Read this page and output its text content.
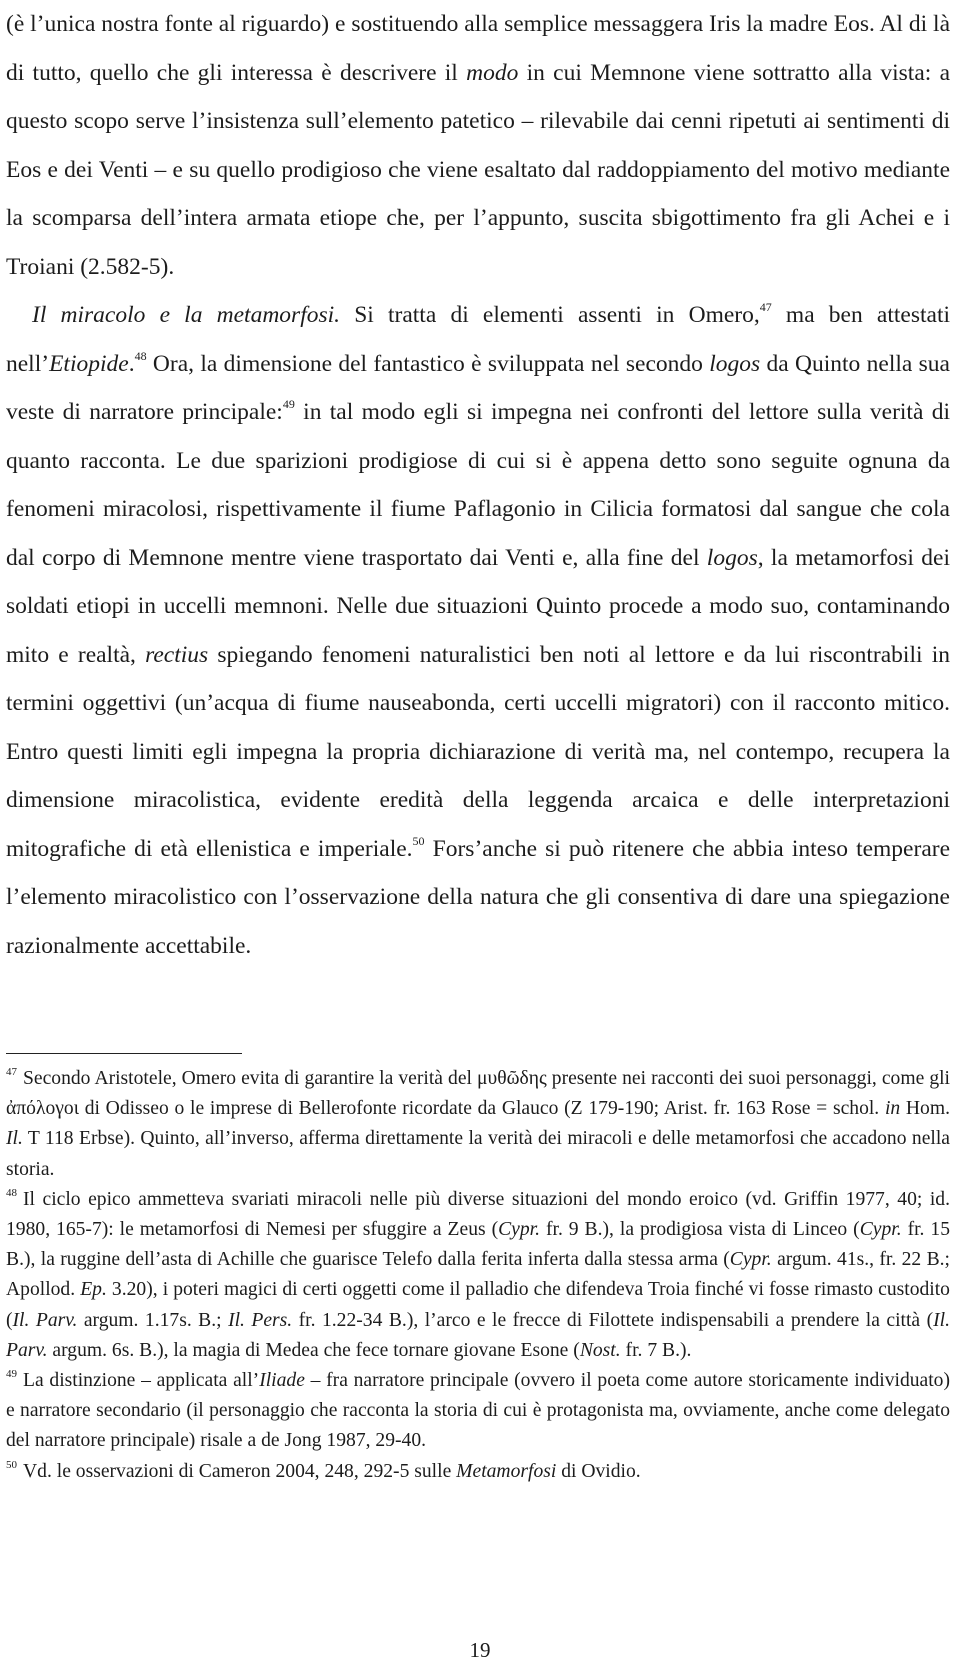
(è l’unica nostra fonte al riguardo) e sostituendo alla semplice messaggera Iris la madre Eos. Al di là di tutto, quello che gli interessa è descrivere il modo in cui Memnone viene sottratto alla vista: a questo scopo serve l’insistenza sull’elemento patetico – rilevabile dai cenni ripetuti ai sentimenti di Eos e dei Venti – e su quello prodigioso che viene esaltato dal raddoppiamento del motivo mediante la scomparsa dell’intera armata etiope che, per l’appunto, suscita sbigottimento fra gli Achei e i Troiani (2.582-5).

Il miracolo e la metamorfosi. Si tratta di elementi assenti in Omero,$^{47}$ ma ben attestati nell’Etiopide.$^{48}$ Ora, la dimensione del fantastico è sviluppata nel secondo logos da Quinto nella sua veste di narratore principale:$^{49}$ in tal modo egli si impegna nei confronti del lettore sulla verità di quanto racconta. Le due sparizioni prodigiose di cui si è appena detto sono seguite ognuna da fenomeni miracolosi, rispettivamente il fiume Paflagonio in Cilicia formatosi dal sangue che cola dal corpo di Memnone mentre viene trasportato dai Venti e, alla fine del logos, la metamorfosi dei soldati etiopi in uccelli memnoni. Nelle due situazioni Quinto procede a modo suo, contaminando mito e realtà, rectius spiegando fenomeni naturalistici ben noti al lettore e da lui riscontrabili in termini oggettivi (un’acqua di fiume nauseabonda, certi uccelli migratori) con il racconto mitico. Entro questi limiti egli impegna la propria dichiarazione di verità ma, nel contempo, recupera la dimensione miracolistica, evidente eredità della leggenda arcaica e delle interpretazioni mitografiche di età ellenistica e imperiale.$^{50}$ Fors’anche si può ritenere che abbia inteso temperare l’elemento miracolistico con l’osservazione della natura che gli consentiva di dare una spiegazione razionalmente accettabile.

$^{47}$ Secondo Aristotele, Omero evita di garantire la verità del μυθῶδης presente nei racconti dei suoi personaggi, come gli ἀπόλογοι di Odisseo o le imprese di Bellerofonte ricordate da Glauco (Z 179-190; Arist. fr. 163 Rose = schol. in Hom. Il. T 118 Erbse). Quinto, all’inverso, afferma direttamente la verità dei miracoli e delle metamorfosi che accadono nella storia.

$^{48}$ Il ciclo epico ammetteva svariati miracoli nelle più diverse situazioni del mondo eroico (vd. Griffin 1977, 40; id. 1980, 165-7): le metamorfosi di Nemesi per sfuggire a Zeus (Cypr. fr. 9 B.), la prodigiosa vista di Linceo (Cypr. fr. 15 B.), la ruggine dell’asta di Achille che guarisce Telefo dalla ferita inferta dalla stessa arma (Cypr. argum. 41s., fr. 22 B.; Apollod. Ep. 3.20), i poteri magici di certi oggetti come il palladio che difendeva Troia finché vi fosse rimasto custodito (Il. Parv. argum. 1.17s. B.; Il. Pers. fr. 1.22-34 B.), l’arco e le frecce di Filottete indispensabili a prendere la città (Il. Parv. argum. 6s. B.), la magia di Medea che fece tornare giovane Esone (Nost. fr. 7 B.).

$^{49}$ La distinzione – applicata all’Iliade – fra narratore principale (ovvero il poeta come autore storicamente individuato) e narratore secondario (il personaggio che racconta la storia di cui è protagonista ma, ovviamente, anche come delegato del narratore principale) risale a de Jong 1987, 29-40.

$^{50}$ Vd. le osservazioni di Cameron 2004, 248, 292-5 sulle Metamorfosi di Ovidio.

19
